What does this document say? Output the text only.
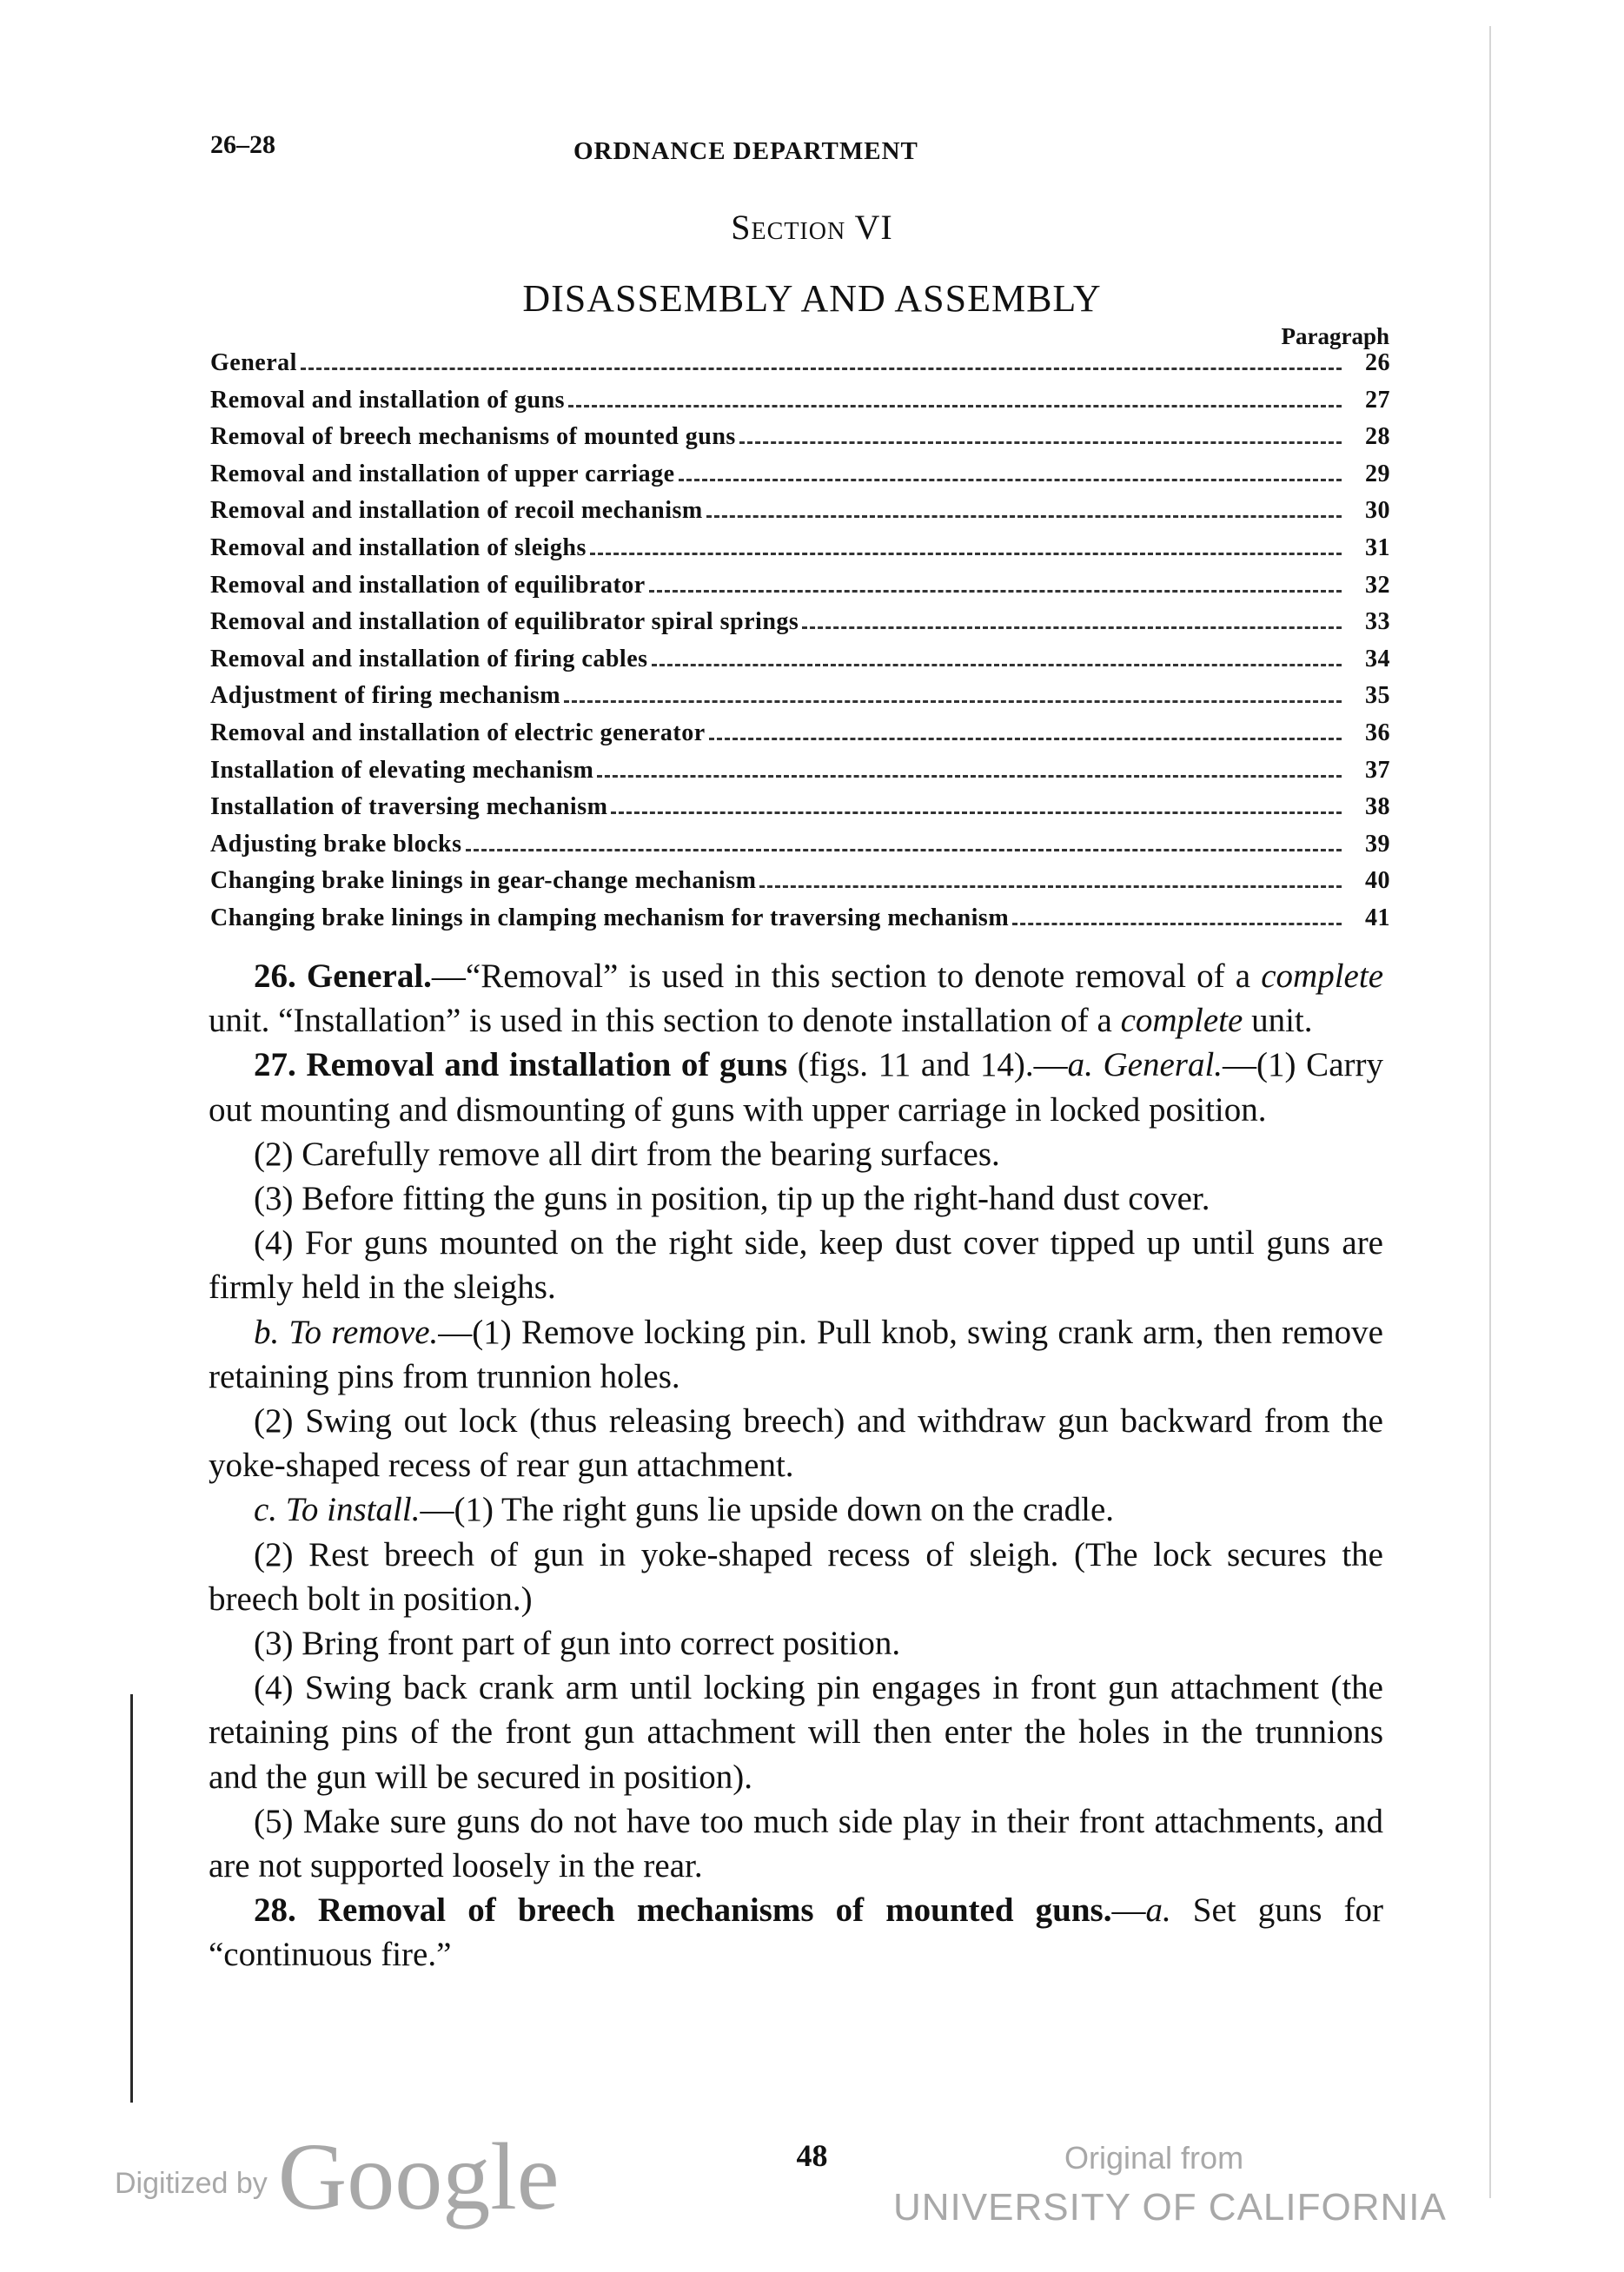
26–28	ORDNANCE DEPARTMENT
Section VI
DISASSEMBLY AND ASSEMBLY
Paragraph
General	26
Removal and installation of guns	27
Removal of breech mechanisms of mounted guns	28
Removal and installation of upper carriage	29
Removal and installation of recoil mechanism	30
Removal and installation of sleighs	31
Removal and installation of equilibrator	32
Removal and installation of equilibrator spiral springs	33
Removal and installation of firing cables	34
Adjustment of firing mechanism	35
Removal and installation of electric generator	36
Installation of elevating mechanism	37
Installation of traversing mechanism	38
Adjusting brake blocks	39
Changing brake linings in gear-change mechanism	40
Changing brake linings in clamping mechanism for traversing mechanism	41

26. General.—“Removal” is used in this section to denote removal of a complete unit. “Installation” is used in this section to denote installation of a complete unit.

27. Removal and installation of guns (figs. 11 and 14).—a. General.—(1) Carry out mounting and dismounting of guns with upper carriage in locked position.

(2) Carefully remove all dirt from the bearing surfaces.

(3) Before fitting the guns in position, tip up the right-hand dust cover.

(4) For guns mounted on the right side, keep dust cover tipped up until guns are firmly held in the sleighs.

b. To remove.—(1) Remove locking pin. Pull knob, swing crank arm, then remove retaining pins from trunnion holes.

(2) Swing out lock (thus releasing breech) and withdraw gun backward from the yoke-shaped recess of rear gun attachment.

c. To install.—(1) The right guns lie upside down on the cradle.

(2) Rest breech of gun in yoke-shaped recess of sleigh. (The lock secures the breech bolt in position.)

(3) Bring front part of gun into correct position.

(4) Swing back crank arm until locking pin engages in front gun attachment (the retaining pins of the front gun attachment will then enter the holes in the trunnions and the gun will be secured in position).

(5) Make sure guns do not have too much side play in their front attachments, and are not supported loosely in the rear.

28. Removal of breech mechanisms of mounted guns.—a. Set guns for “continuous fire.”

48
Digitized by Google	Original from
UNIVERSITY OF CALIFORNIA
